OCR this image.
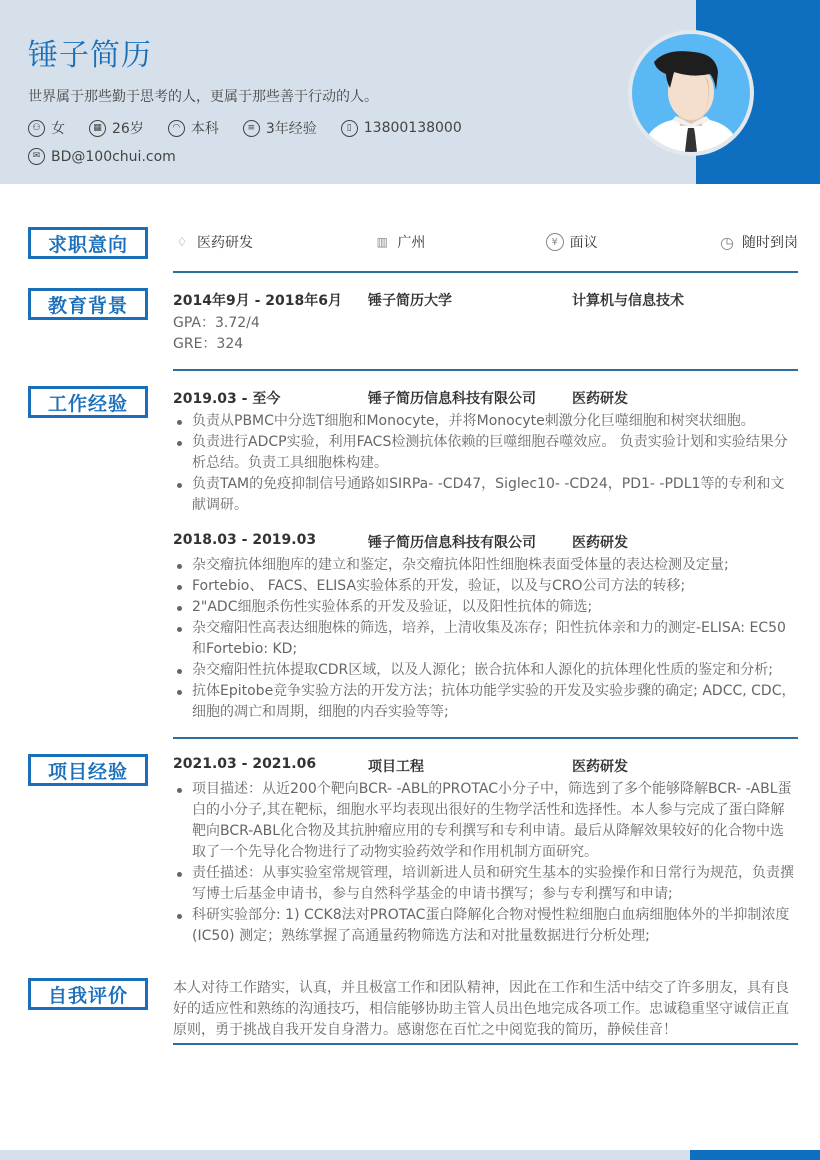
锤子简历
世界属于那些勤于思考的人，更属于那些善于行动的人。
⚇ 女	▦ 26岁	◠ 本科	≡ 3年经验	▯ 13800138000
✉ BD@100chui.com
求职意向	♢ 医药研发	▥ 广州	¥ 面议	◷ 随时到岗
教育背景	2014年9月 - 2018年6月	锤子简历大学	计算机与信息技术
GPA：3.72/4
GRE：324
工作经验	2019.03 - 至今	锤子简历信息科技有限公司	医药研发
负责从PBMC中分选T细胞和Monocyte，并将Monocyte刺激分化巨噬细胞和树突状细胞。
负责进行ADCP实验，利用FACS检测抗体依赖的巨噬细胞吞噬效应。 负责实验计划和实验结果分析总结。负责工具细胞株构建。
负责TAM的免疫抑制信号通路如SIRPa- -CD47，Siglec10- -CD24，PD1- -PDL1等的专利和文献调研。
2018.03 - 2019.03	锤子简历信息科技有限公司	医药研发
杂交瘤抗体细胞库的建立和鉴定，杂交瘤抗体阳性细胞株表面受体量的表达检测及定量;
Fortebio、 FACS、ELISA实验体系的开发，验证，以及与CRO公司方法的转移;
2"ADC细胞杀伤性实验体系的开发及验证，以及阳性抗体的筛选;
杂交瘤阳性高表达细胞株的筛选，培养，上清收集及冻存；阳性抗体亲和力的测定-ELISA: EC50和Fortebio: KD;
杂交瘤阳性抗体提取CDR区域，以及人源化；嵌合抗体和人源化的抗体理化性质的鉴定和分析;
抗体Epitobe竞争实验方法的开发方法；抗体功能学实验的开发及实验步骤的确定; ADCC, CDC，细胞的凋亡和周期，细胞的内吞实验等等;
项目经验	2021.03 - 2021.06	项目工程	医药研发
项目描述：从近200个靶向BCR- -ABL的PROTAC小分子中，筛选到了多个能够降解BCR- -ABL蛋白的小分子,其在靶标，细胞水平均表现出很好的生物学活性和选择性。本人参与完成了蛋白降解靶向BCR-ABL化合物及其抗肿瘤应用的专利撰写和专利申请。最后从降解效果较好的化合物中选取了一个先导化合物进行了动物实验药效学和作用机制方面研究。
责任描述：从事实验室常规管理，培训新进人员和研究生基本的实验操作和日常行为规范，负责撰写博士后基金申请书，参与自然科学基金的申请书撰写；参与专利撰写和申请;
科研实验部分: 1) CCK8法对PROTAC蛋白降解化合物对慢性粒细胞白血病细胞体外的半抑制浓度(IC50) 测定；熟练掌握了高通量药物筛选方法和对批量数据进行分析处理;
自我评价	本人对待工作踏实，认真，并且极富工作和团队精神，因此在工作和生活中结交了许多朋友，具有良好的适应性和熟练的沟通技巧，相信能够协助主管人员出色地完成各项工作。忠诚稳重坚守诚信正直原则，勇于挑战自我开发自身潜力。感谢您在百忙之中阅览我的简历，静候佳音！
